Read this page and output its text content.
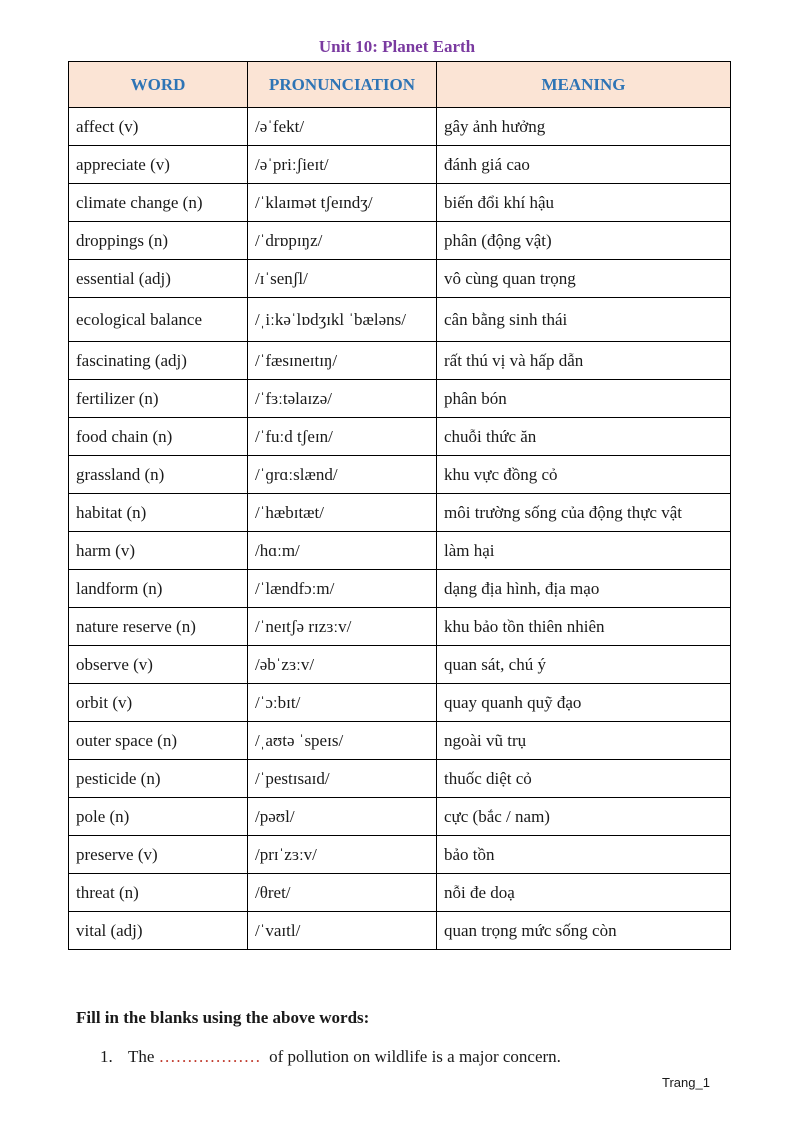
Unit 10: Planet Earth
WORD	PRONUNCIATION	MEANING
affect (v)	/əˈfekt/	gây ảnh hưởng
appreciate (v)	/əˈpriːʃieɪt/	đánh giá cao
climate change (n)	/ˈklaɪmət tʃeɪndʒ/	biến đổi khí hậu
droppings (n)	/ˈdrɒpɪŋz/	phân (động vật)
essential (adj)	/ɪˈsenʃl/	vô cùng quan trọng
ecological balance	/ˌiːkəˈlɒdʒɪkl ˈbæləns/	cân bằng sinh thái
fascinating (adj)	/ˈfæsɪneɪtɪŋ/	rất thú vị và hấp dẫn
fertilizer (n)	/ˈfɜːtəlaɪzə/	phân bón
food chain (n)	/ˈfuːd tʃeɪn/	chuỗi thức ăn
grassland (n)	/ˈɡrɑːslænd/	khu vực đồng cỏ
habitat (n)	/ˈhæbɪtæt/	môi trường sống của động thực vật
harm (v)	/hɑːm/	làm hại
landform (n)	/ˈlændfɔːm/	dạng địa hình, địa mạo
nature reserve (n)	/ˈneɪtʃə rɪzɜːv/	khu bảo tồn thiên nhiên
observe (v)	/əbˈzɜːv/	quan sát, chú ý
orbit (v)	/ˈɔːbɪt/	quay quanh quỹ đạo
outer space (n)	/ˌaʊtə ˈspeɪs/	ngoài vũ trụ
pesticide (n)	/ˈpestɪsaɪd/	thuốc diệt cỏ
pole (n)	/pəʊl/	cực (bắc / nam)
preserve (v)	/prɪˈzɜːv/	bảo tồn
threat (n)	/θret/	nỗi đe doạ
vital (adj)	/ˈvaɪtl/	quan trọng mức sống còn
Fill in the blanks using the above words:
1. The ……………… of pollution on wildlife is a major concern.
Trang_1
